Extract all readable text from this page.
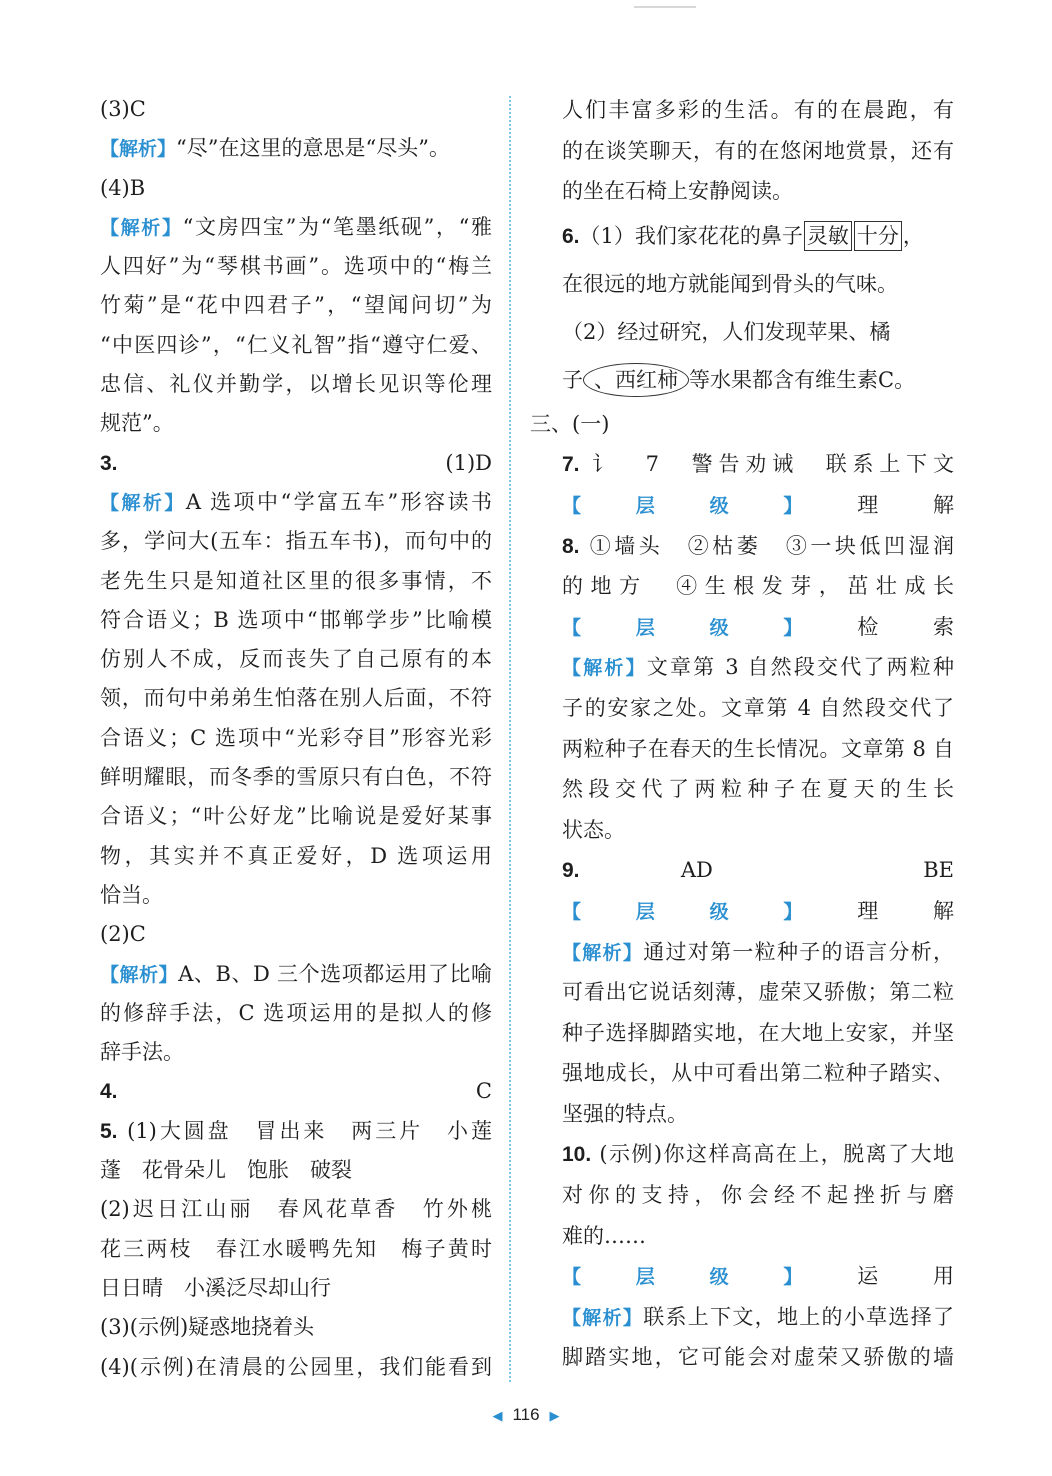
(3)C
【解析】“尽”在这里的意思是“尽头”。
(4)B
【解析】“文房四宝”为“笔墨纸砚”，“雅
人四好”为“琴棋书画”。选项中的“梅兰
竹菊”是“花中四君子”，“望闻问切”为
“中医四诊”，“仁义礼智”指“遵守仁爱、
忠信、礼仪并勤学，以增长见识等伦理
规范”。
3. (1)D
【解析】A 选项中“学富五车”形容读书
多，学问大(五车：指五车书)，而句中的
老先生只是知道社区里的很多事情，不
符合语义；B 选项中“邯郸学步”比喻模
仿别人不成，反而丧失了自己原有的本
领，而句中弟弟生怕落在别人后面，不符
合语义；C 选项中“光彩夺目”形容光彩
鲜明耀眼，而冬季的雪原只有白色，不符
合语义；“叶公好龙”比喻说是爱好某事
物，其实并不真正爱好，D 选项运用
恰当。
(2)C
【解析】A、B、D 三个选项都运用了比喻
的修辞手法，C 选项运用的是拟人的修
辞手法。
4. C
5. (1)大圆盘　冒出来　两三片　小莲
蓬　花骨朵儿　饱胀　破裂
(2)迟日江山丽　春风花草香　竹外桃
花三两枝　春江水暖鸭先知　梅子黄时
日日晴　小溪泛尽却山行
(3)(示例)疑惑地挠着头
(4)(示例)在清晨的公园里，我们能看到
人们丰富多彩的生活。有的在晨跑，有
的在谈笑聊天，有的在悠闲地赏景，还有
的坐在石椅上安静阅读。
6.（1）我们家花花的鼻子 灵敏 十分 ，
在很远的地方就能闻到骨头的气味。
（2）经过研究，人们发现苹果、橘
子 、西红柿 等水果都含有维生素C。
三、(一)
7. 讠　7　警告劝诫　联系上下文
【层级】理解
8. ①墙头　②枯萎　③一块低凹湿润
的地方　④生根发芽，茁壮成长
【层级】检索
【解析】文章第 3 自然段交代了两粒种
子的安家之处。文章第 4 自然段交代了
两粒种子在春天的生长情况。文章第 8 自
然段交代了两粒种子在夏天的生长
状态。
9. AD　BE
【层级】理解
【解析】通过对第一粒种子的语言分析，
可看出它说话刻薄，虚荣又骄傲；第二粒
种子选择脚踏实地，在大地上安家，并坚
强地成长，从中可看出第二粒种子踏实、
坚强的特点。
10. (示例)你这样高高在上，脱离了大地
对你的支持，你会经不起挫折与磨
难的……
【层级】运用
【解析】联系上下文，地上的小草选择了
脚踏实地，它可能会对虚荣又骄傲的墙
◀ 116 ▶
